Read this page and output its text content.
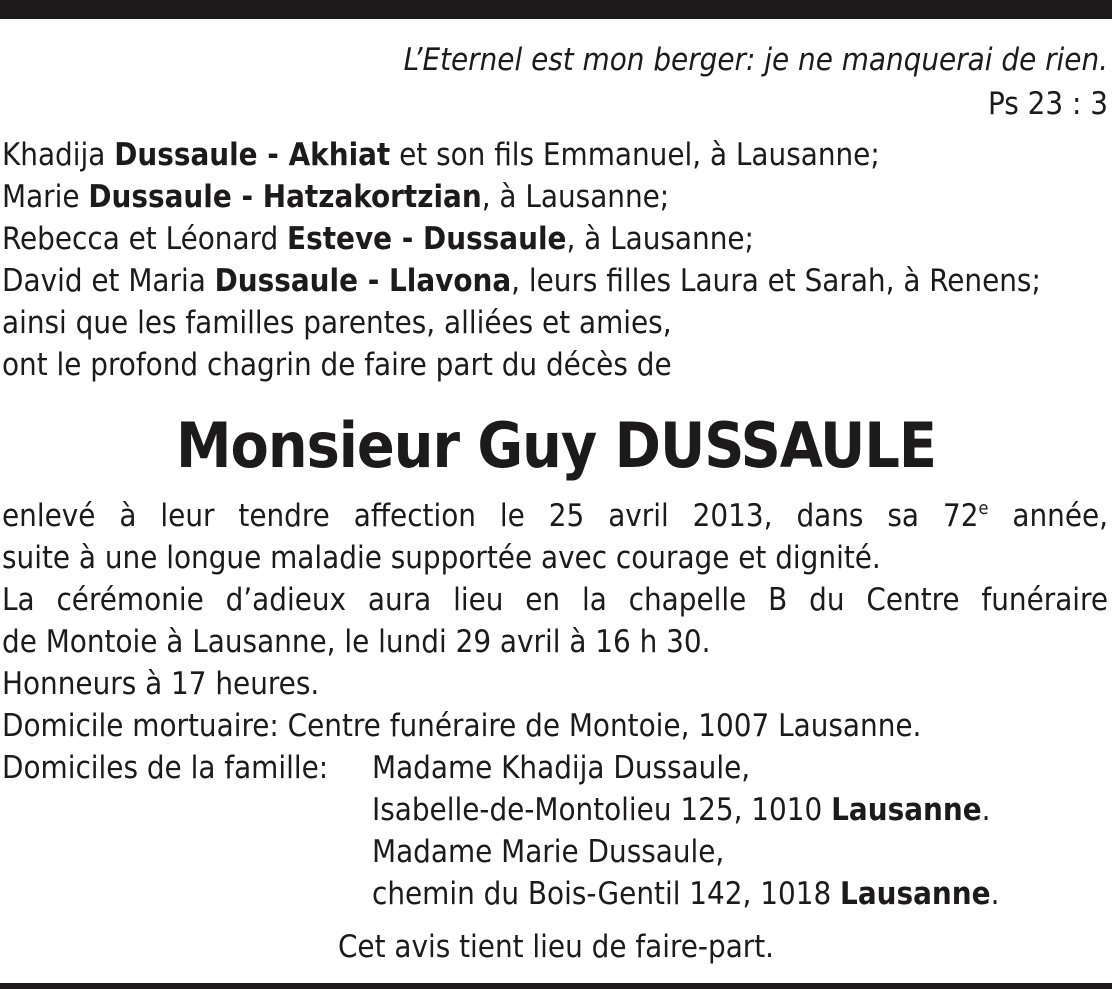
L’Eternel est mon berger: je ne manquerai de rien.
Ps 23 : 3
Khadija Dussaule - Akhiat et son fils Emmanuel, à Lausanne;
Marie Dussaule - Hatzakortzian, à Lausanne;
Rebecca et Léonard Esteve - Dussaule, à Lausanne;
David et Maria Dussaule - Llavona, leurs filles Laura et Sarah, à Renens;
ainsi que les familles parentes, alliées et amies,
ont le profond chagrin de faire part du décès de
Monsieur Guy DUSSAULE
enlevé à leur tendre affection le 25 avril 2013, dans sa 72e année,
suite à une longue maladie supportée avec courage et dignité.
La cérémonie d’adieux aura lieu en la chapelle B du Centre funéraire
de Montoie à Lausanne, le lundi 29 avril à 16 h 30.
Honneurs à 17 heures.
Domicile mortuaire: Centre funéraire de Montoie, 1007 Lausanne.
Domiciles de la famille:	Madame Khadija Dussaule,
Isabelle-de-Montolieu 125, 1010 Lausanne.
Madame Marie Dussaule,
chemin du Bois-Gentil 142, 1018 Lausanne.
Cet avis tient lieu de faire-part.
